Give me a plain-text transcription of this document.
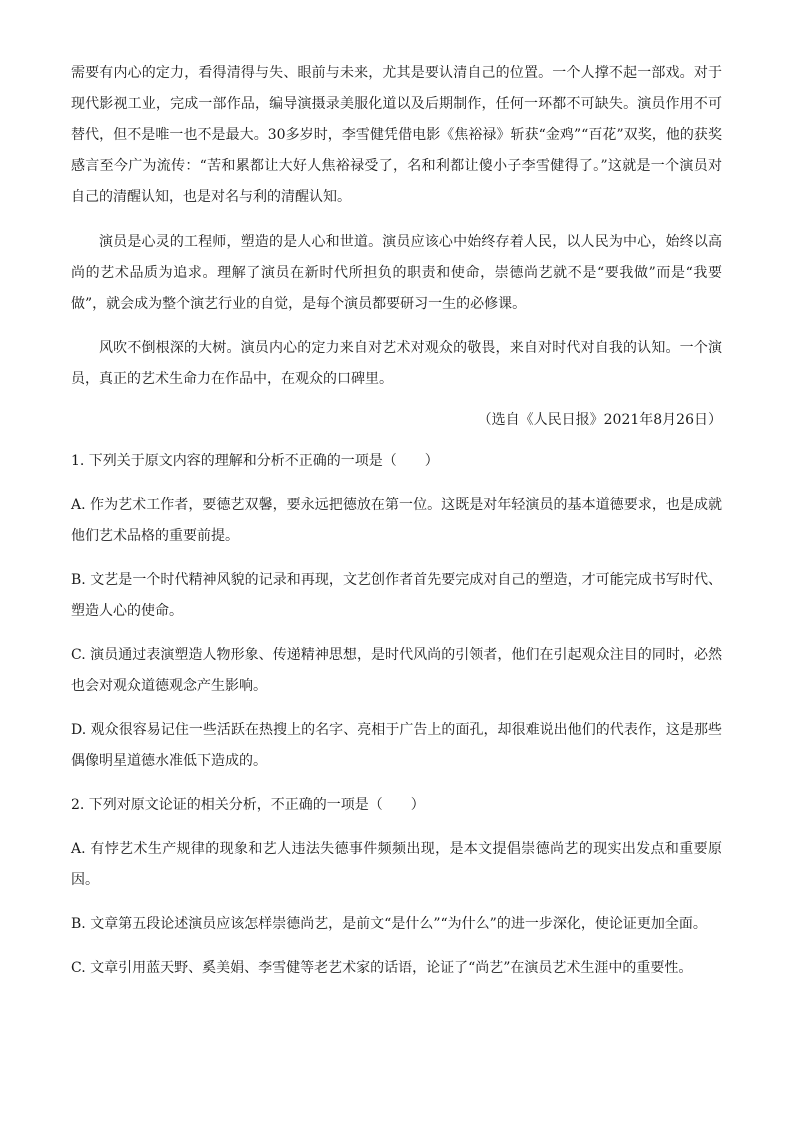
需要有内心的定力，看得清得与失、眼前与未来，尤其是要认清自己的位置。一个人撑不起一部戏。对于现代影视工业，完成一部作品，编导演摄录美服化道以及后期制作，任何一环都不可缺失。演员作用不可替代，但不是唯一也不是最大。30多岁时，李雪健凭借电影《焦裕禄》斩获“金鸡”“百花”双奖，他的获奖感言至今广为流传：“苦和累都让大好人焦裕禄受了，名和利都让傻小子李雪健得了。”这就是一个演员对自己的清醒认知，也是对名与利的清醒认知。

演员是心灵的工程师，塑造的是人心和世道。演员应该心中始终存着人民，以人民为中心，始终以高尚的艺术品质为追求。理解了演员在新时代所担负的职责和使命，崇德尚艺就不是“要我做”而是“我要做”，就会成为整个演艺行业的自觉，是每个演员都要研习一生的必修课。

风吹不倒根深的大树。演员内心的定力来自对艺术对观众的敬畏，来自对时代对自我的认知。一个演员，真正的艺术生命力在作品中，在观众的口碑里。

（选自《人民日报》2021年8月26日）

1. 下列关于原文内容的理解和分析不正确的一项是（　　）

A. 作为艺术工作者，要德艺双馨，要永远把德放在第一位。这既是对年轻演员的基本道德要求，也是成就他们艺术品格的重要前提。

B. 文艺是一个时代精神风貌的记录和再现，文艺创作者首先要完成对自己的塑造，才可能完成书写时代、塑造人心的使命。

C. 演员通过表演塑造人物形象、传递精神思想，是时代风尚的引领者，他们在引起观众注目的同时，必然也会对观众道德观念产生影响。

D. 观众很容易记住一些活跃在热搜上的名字、亮相于广告上的面孔，却很难说出他们的代表作，这是那些偶像明星道德水准低下造成的。

2. 下列对原文论证的相关分析，不正确的一项是（　　）

A. 有悖艺术生产规律的现象和艺人违法失德事件频频出现，是本文提倡崇德尚艺的现实出发点和重要原因。

B. 文章第五段论述演员应该怎样崇德尚艺，是前文“是什么”“为什么”的进一步深化，使论证更加全面。

C. 文章引用蓝天野、奚美娟、李雪健等老艺术家的话语，论证了“尚艺”在演员艺术生涯中的重要性。
